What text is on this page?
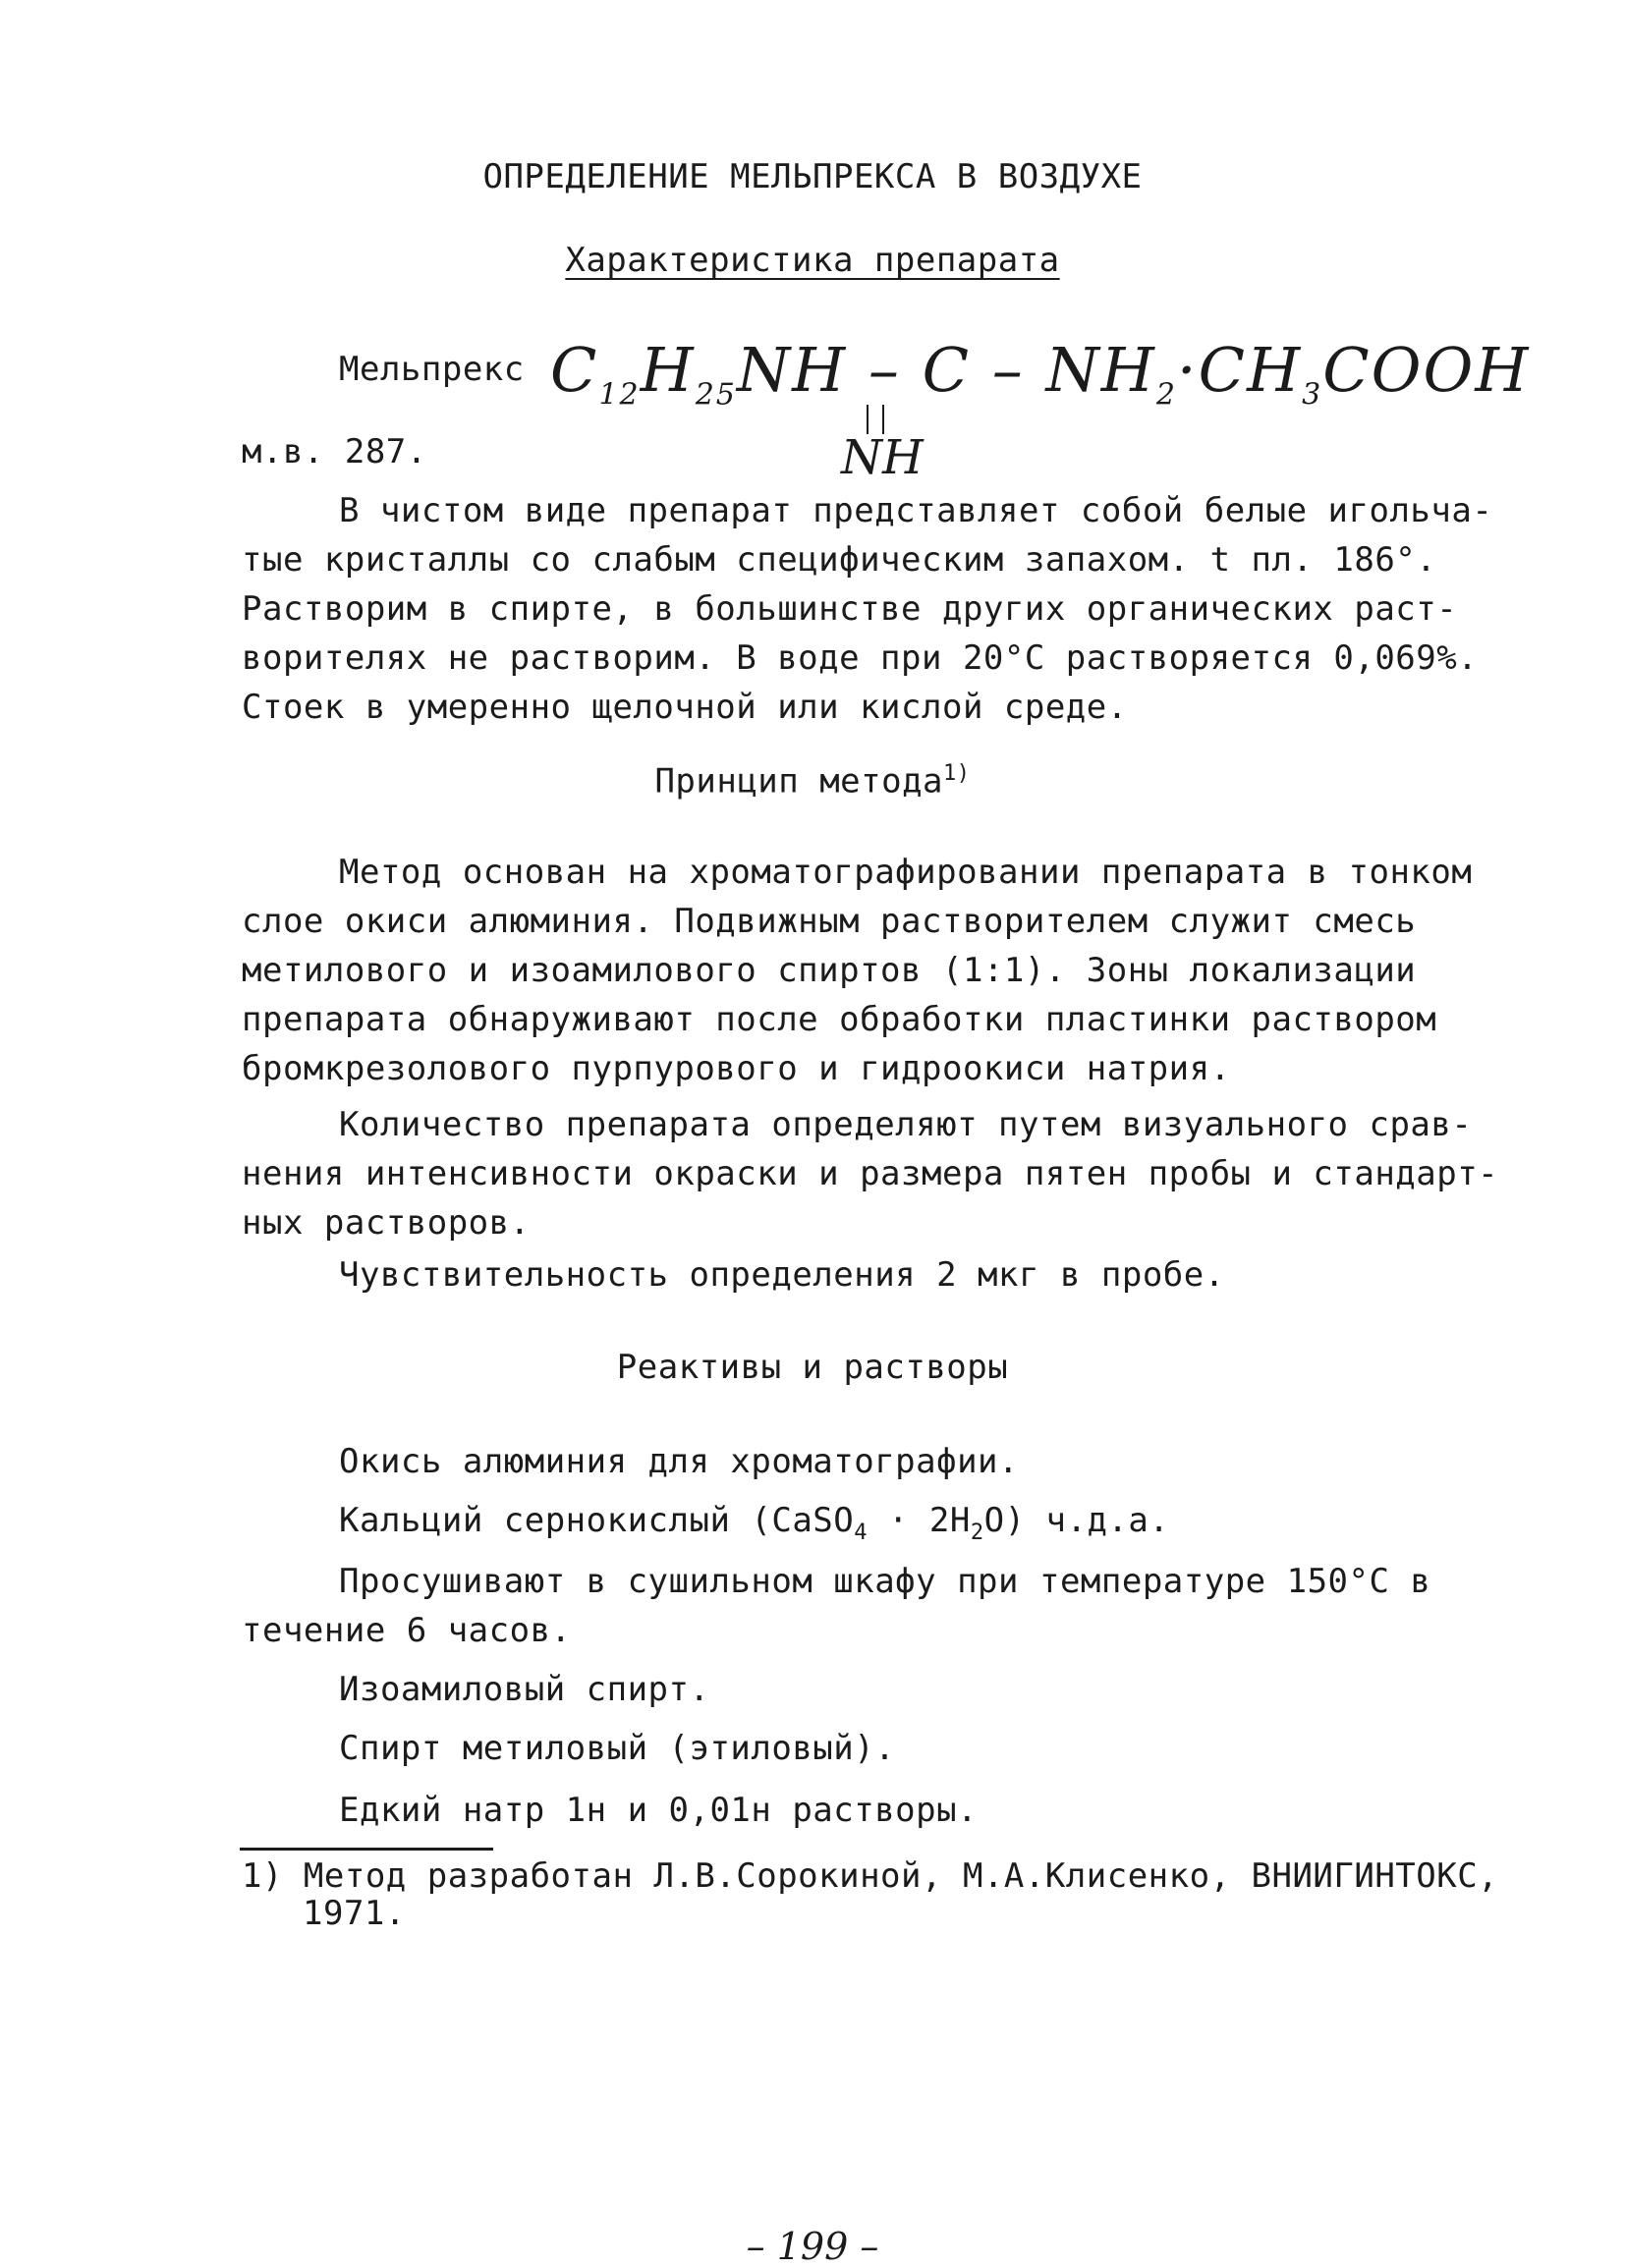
ОПРЕДЕЛЕНИЕ МЕЛЬПРЕКСА В ВОЗДУХЕ
Характеристика препарата
Мельпрекс $C_{12}H_{25}NH$ – $C - NH_2\cdot CH_3COOH$
NH
м.в. 287.
В чистом виде препарат представляет собой белые игольча-
тые кристаллы со слабым специфическим запахом. t пл. 186°.
Растворим в спирте, в большинстве других органических раст-
ворителях не растворим. В воде при 20°С растворяется 0,069%.
Стоек в умеренно щелочной или кислой среде.
Принцип метода$^{1)}$
Метод основан на хроматографировании препарата в тонком
слое окиси алюминия. Подвижным растворителем служит смесь
метилового и изоамилового спиртов (1:1). Зоны локализации
препарата обнаруживают после обработки пластинки раствором
бромкрезолового пурпурового и гидроокиси натрия.
Количество препарата определяют путем визуального срав-
нения интенсивности окраски и размера пятен пробы и стандарт-
ных растворов.
Чувствительность определения 2 мкг в пробе.
Реактивы и растворы
Окись алюминия для хроматографии.
Кальций сернокислый (CaSO$_4$ · $2H_2O$) ч.д.а.
Просушивают в сушильном шкафу при температуре 150°С в
течение 6 часов.
Изоамиловый спирт.
Спирт метиловый (этиловый).
Едкий натр 1н и 0,01н растворы.
1) Метод разработан Л.В.Сорокиной, М.А.Клисенко, ВНИИГИНТОКС,
1971.
– 199 –
